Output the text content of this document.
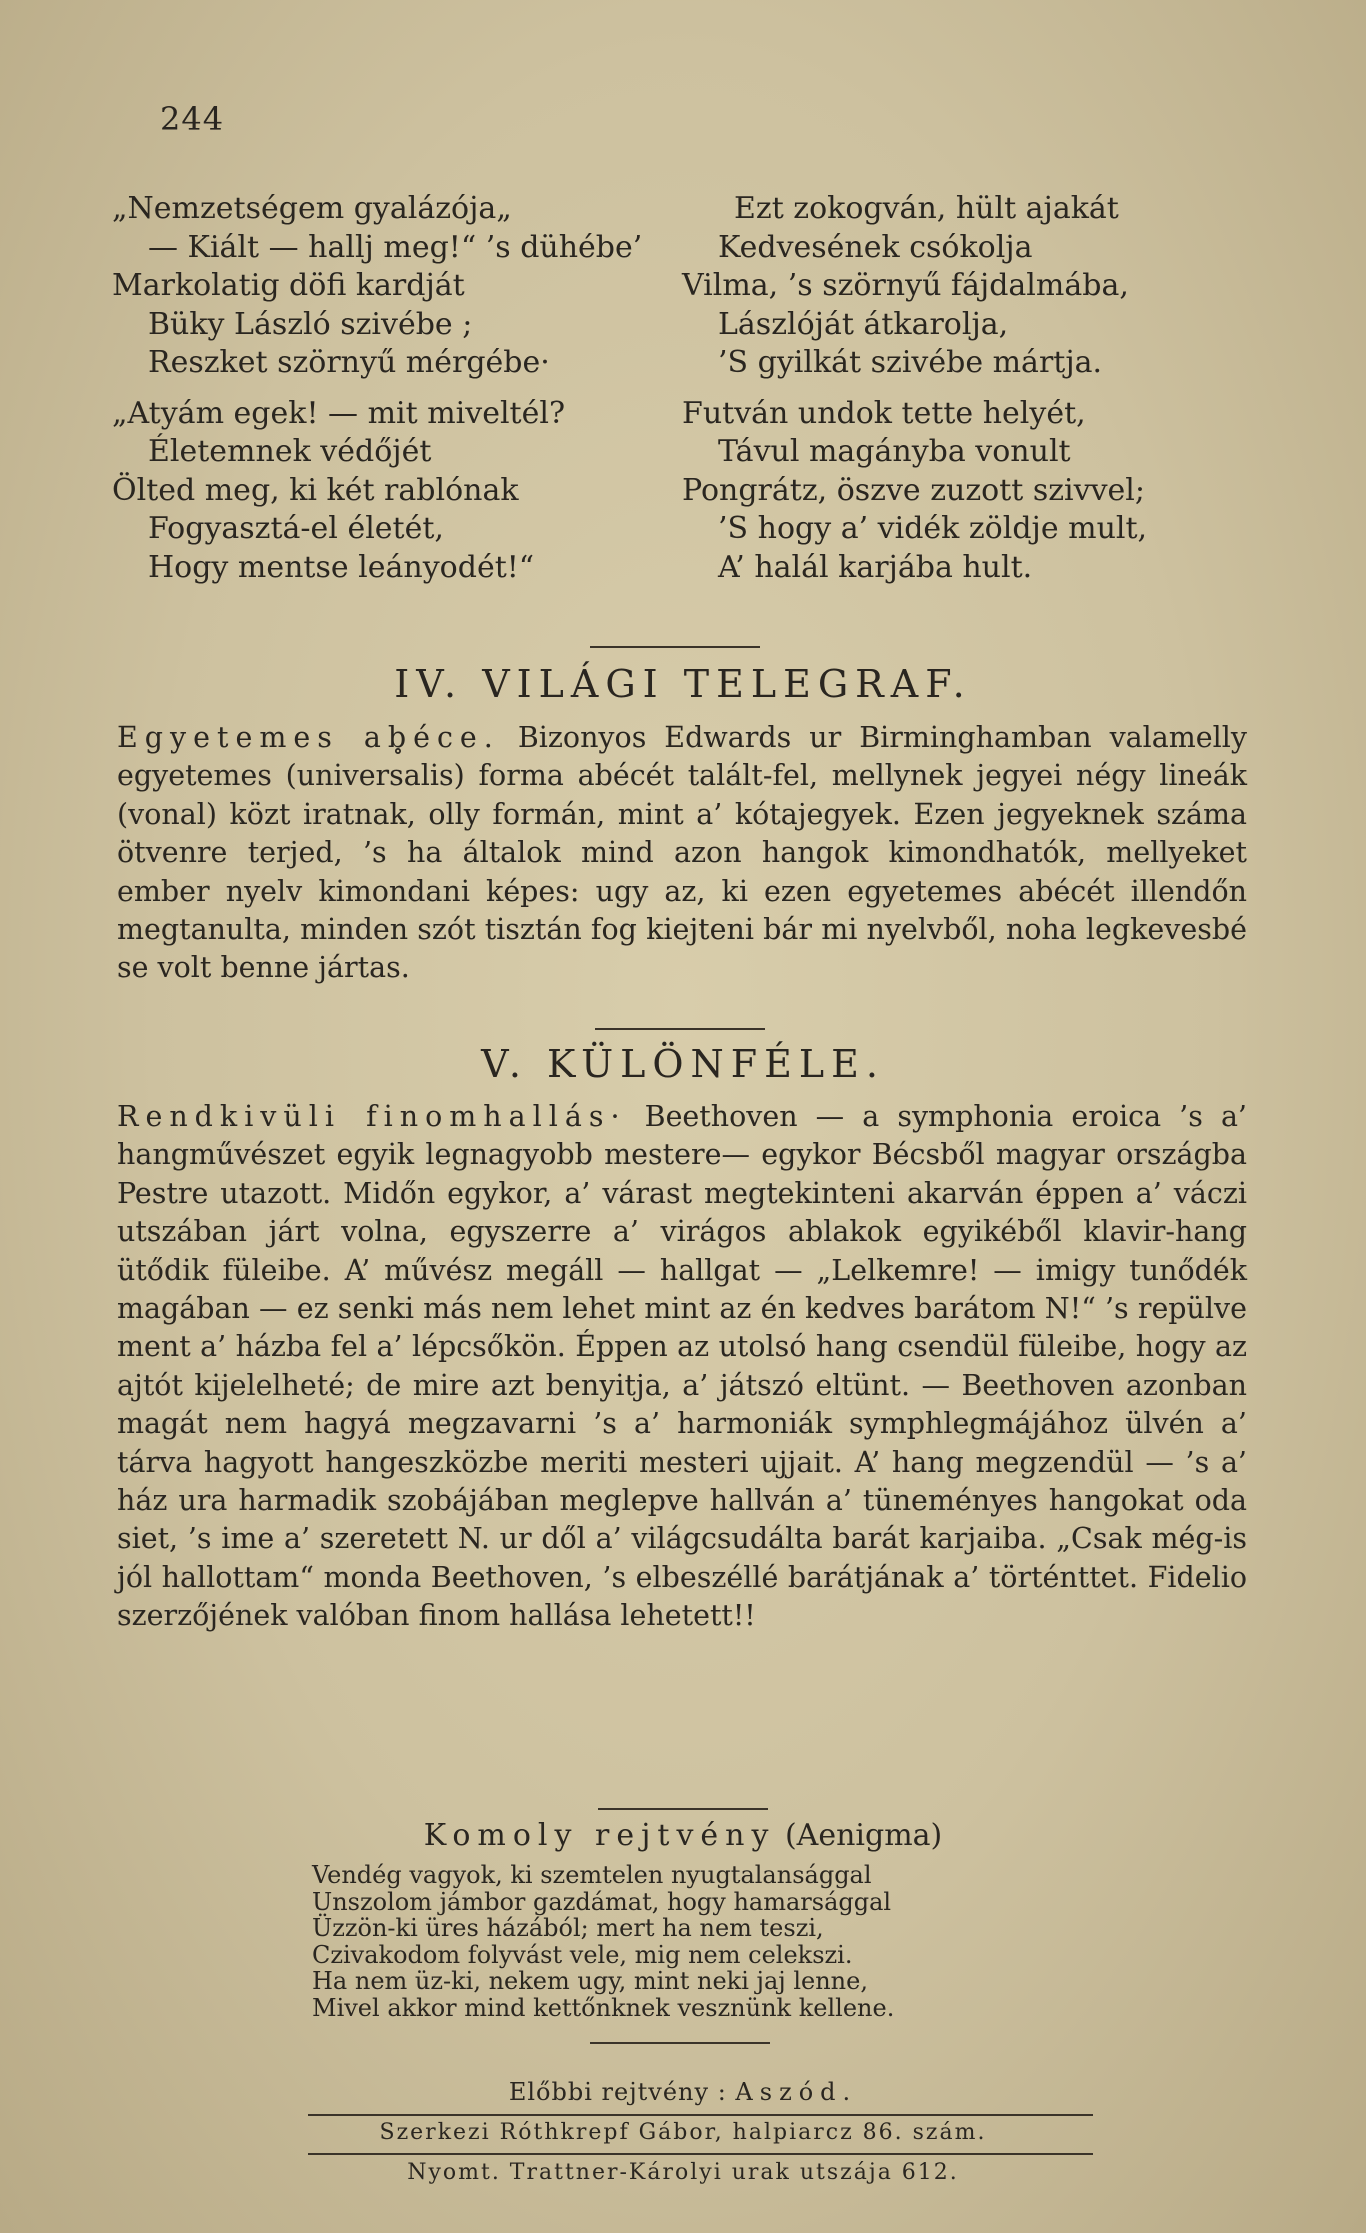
244
„Nemzetségem gyalázója„
— Kiált — hallj meg!“ ’s dühébe’
Markolatig döfi kardját
Büky László szivébe ;
Reszket szörnyű mérgébe·
„Atyám egek! — mit miveltél?
Életemnek védőjét
Ölted meg, ki két rablónak
Fogyasztá-el életét,
Hogy mentse leányodét!“
Ezt zokogván, hült ajakát
Kedvesének csókolja
Vilma, ’s szörnyű fájdalmába,
Lászlóját átkarolja,
’S gyilkát szivébe mártja.
Futván undok tette helyét,
Távul magányba vonult
Pongrátz, öszve zuzott szivvel;
’S hogy a’ vidék zöldje mult,
A’ halál karjába hult.
IV. VILÁGI TELEGRAF.
Egyetemes ab̥éce. Bizonyos Edwards ur Birminghamban valamelly egyetemes (universalis) forma abécét talált-fel, mellynek jegyei négy lineák (vonal) közt iratnak, olly formán, mint a’ kótajegyek. Ezen jegyeknek száma ötvenre terjed, ’s ha általok mind azon hangok kimondhatók, mellyeket ember nyelv kimondani képes: ugy az, ki ezen egyetemes abécét illendőn megtanulta, minden szót tisztán fog kiejteni bár mi nyelvből, noha legkevesbé se volt benne jártas.
V. KÜLÖNFÉLE.
Rendkivüli finomhallás· Beethoven — a symphonia eroica ’s a’ hangművészet egyik legnagyobb mestere— egykor Bécsből magyar országba Pestre utazott. Midőn egykor, a’ várast megtekinteni akarván éppen a’ váczi utszában járt volna, egyszerre a’ virágos ablakok egyikéből klavir-hang ütődik füleibe. A’ művész megáll — hallgat — „Lelkemre! — imigy tunődék magában — ez senki más nem lehet mint az én kedves barátom N!“ ’s repülve ment a’ házba fel a’ lépcsőkön. Éppen az utolsó hang csendül füleibe, hogy az ajtót kijelelheté; de mire azt benyitja, a’ játszó eltünt. — Beethoven azonban magát nem hagyá megzavarni ’s a’ harmoniák symphlegmájához ülvén a’ tárva hagyott hangeszközbe meriti mesteri ujjait. A’ hang megzendül — ’s a’ ház ura harmadik szobájában meglepve hallván a’ tüneményes hangokat oda siet, ’s ime a’ szeretett N. ur dől a’ világcsudálta barát karjaiba. „Csak még-is jól hallottam“ monda Beethoven, ’s elbeszéllé barátjának a’ történttet. Fidelio szerzőjének valóban finom hallása lehetett!!
Komoly rejtvény (Aenigma)
Vendég vagyok, ki szemtelen nyugtalansággal
Unszolom jámbor gazdámat, hogy hamarsággal
Üzzön-ki üres házából; mert ha nem teszi,
Czivakodom folyvást vele, mig nem celekszi.
Ha nem üz-ki, nekem ugy, mint neki jaj lenne,
Mivel akkor mind kettőnknek vesznünk kellene.
Előbbi rejtvény : Aszód.
Szerkezi Róthkrepf Gábor, halpiarcz 86. szám.
Nyomt. Trattner-Károlyi urak utszája 612.
